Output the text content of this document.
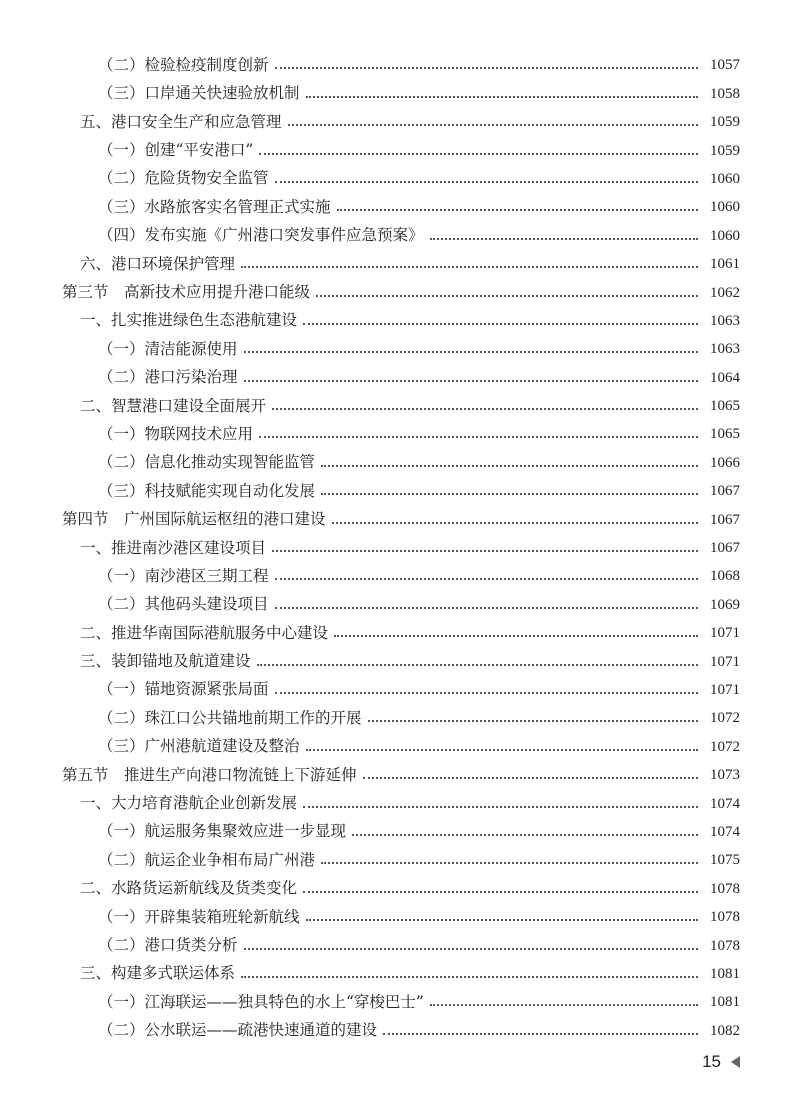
（二）检验检疫制度创新	1057
（三）口岸通关快速验放机制	1058
五、港口安全生产和应急管理	1059
（一）创建“平安港口”	1059
（二）危险货物安全监管	1060
（三）水路旅客实名管理正式实施	1060
（四）发布实施《广州港口突发事件应急预案》	1060
六、港口环境保护管理	1061
第三节　高新技术应用提升港口能级	1062
一、扎实推进绿色生态港航建设	1063
（一）清洁能源使用	1063
（二）港口污染治理	1064
二、智慧港口建设全面展开	1065
（一）物联网技术应用	1065
（二）信息化推动实现智能监管	1066
（三）科技赋能实现自动化发展	1067
第四节　广州国际航运枢纽的港口建设	1067
一、推进南沙港区建设项目	1067
（一）南沙港区三期工程	1068
（二）其他码头建设项目	1069
二、推进华南国际港航服务中心建设	1071
三、装卸锚地及航道建设	1071
（一）锚地资源紧张局面	1071
（二）珠江口公共锚地前期工作的开展	1072
（三）广州港航道建设及整治	1072
第五节　推进生产向港口物流链上下游延伸	1073
一、大力培育港航企业创新发展	1074
（一）航运服务集聚效应进一步显现	1074
（二）航运企业争相布局广州港	1075
二、水路货运新航线及货类变化	1078
（一）开辟集装箱班轮新航线	1078
（二）港口货类分析	1078
三、构建多式联运体系	1081
（一）江海联运——独具特色的水上“穿梭巴士”	1081
（二）公水联运——疏港快速通道的建设	1082
15
